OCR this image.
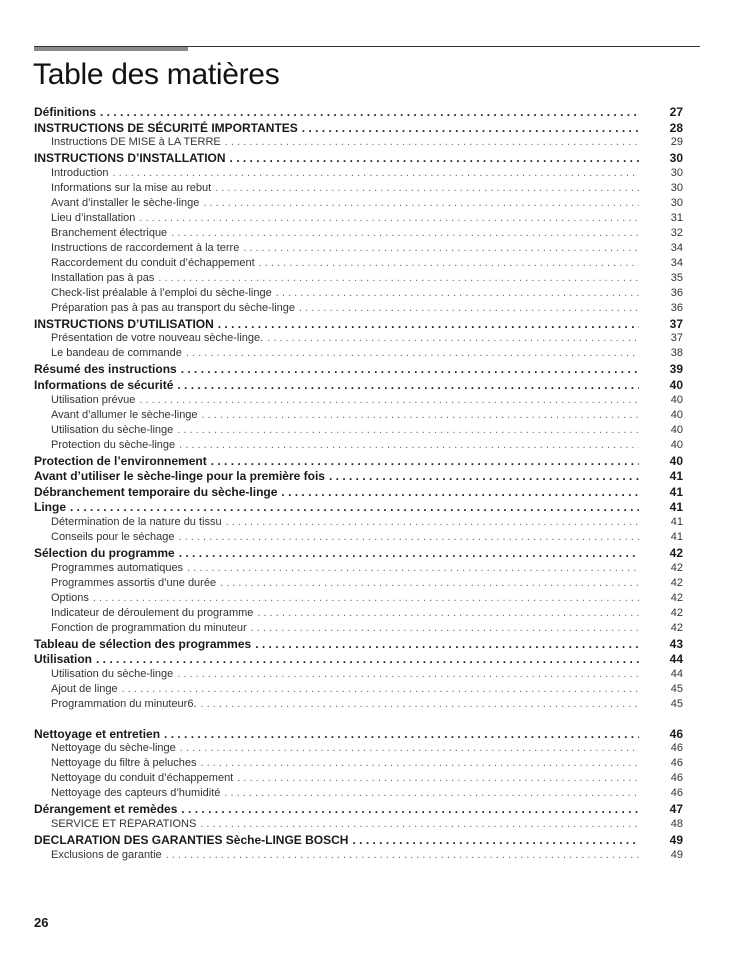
Table des matières
Définitions . . .	27
INSTRUCTIONS DE SÉCURITÉ IMPORTANTES . . .	28
Instructions DE MISE à LA TERRE . . .	29
INSTRUCTIONS D’INSTALLATION . . .	30
Introduction . . .	30
Informations sur la mise au rebut . . .	30
Avant d’installer le sèche-linge . . .	30
Lieu d’installation . . .	31
Branchement électrique . . .	32
Instructions de raccordement à la terre . . .	34
Raccordement du conduit d’échappement . . .	34
Installation pas à pas . . .	35
Check-list préalable à l’emploi du sèche-linge . . .	36
Préparation pas à pas au transport du sèche-linge . . .	36
INSTRUCTIONS D’UTILISATION . . .	37
Présentation de votre nouveau sèche-linge. . . .	37
Le bandeau de commande . . .	38
Résumé des instructions . . .	39
Informations de sécurité . . .	40
Utilisation prévue . . .	40
Avant d’allumer le sèche-linge . . .	40
Utilisation du sèche-linge . . .	40
Protection du sèche-linge . . .	40
Protection de l’environnement . . .	40
Avant d’utiliser le sèche-linge pour la première fois . . .	41
Débranchement temporaire du sèche-linge . . .	41
Linge . . .	41
Détermination de la nature du tissu . . .	41
Conseils pour le séchage . . .	41
Sélection du programme . . .	42
Programmes automatiques . . .	42
Programmes assortis d’une durée . . .	42
Options . . .	42
Indicateur de déroulement du programme . . .	42
Fonction de programmation du minuteur . . .	42
Tableau de sélection des programmes . . .	43
Utilisation . . .	44
Utilisation du sèche-linge . . .	44
Ajout de linge . . .	45
Programmation du minuteur6. . . .	45
Nettoyage et entretien . . .	46
Nettoyage du sèche-linge . . .	46
Nettoyage du filtre à peluches . . .	46
Nettoyage du conduit d’échappement . . .	46
Nettoyage des capteurs d’humidité . . .	46
Dérangement et remèdes . . .	47
SERVICE ET RÉPARATIONS . . .	48
DECLARATION DES GARANTIES Sèche-LINGE BOSCH . . .	49
Exclusions de garantie . . .	49
26
